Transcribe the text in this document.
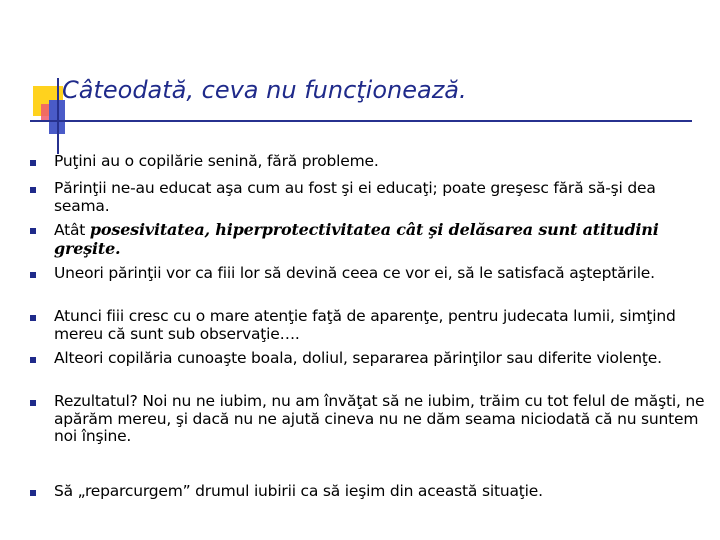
Câteodată, ceva nu funcţionează.
Puţini au o copilărie senină, fără probleme.
Părinţii ne-au educat aşa cum au fost şi ei educaţi; poate greşesc fără să-şi dea seama.
Atât posesivitatea, hiperprotectivitatea cât şi delăsarea sunt atitudini greşite.
Uneori părinţii vor ca fiii lor să devină ceea ce vor ei, să le satisfacă aşteptările.
Atunci fiii cresc cu o mare atenţie faţă de aparenţe, pentru judecata lumii, simţind mereu că sunt sub observaţie….
Alteori copilăria cunoaşte boala, doliul, separarea părinţilor sau diferite violenţe.
Rezultatul? Noi nu ne iubim, nu am învăţat să ne iubim, trăim cu tot felul de măşti, ne apărăm mereu, şi dacă nu ne ajută cineva nu ne dăm seama niciodată că nu suntem noi înşine.
Să „reparcurgem” drumul iubirii ca să ieşim din această situaţie.
